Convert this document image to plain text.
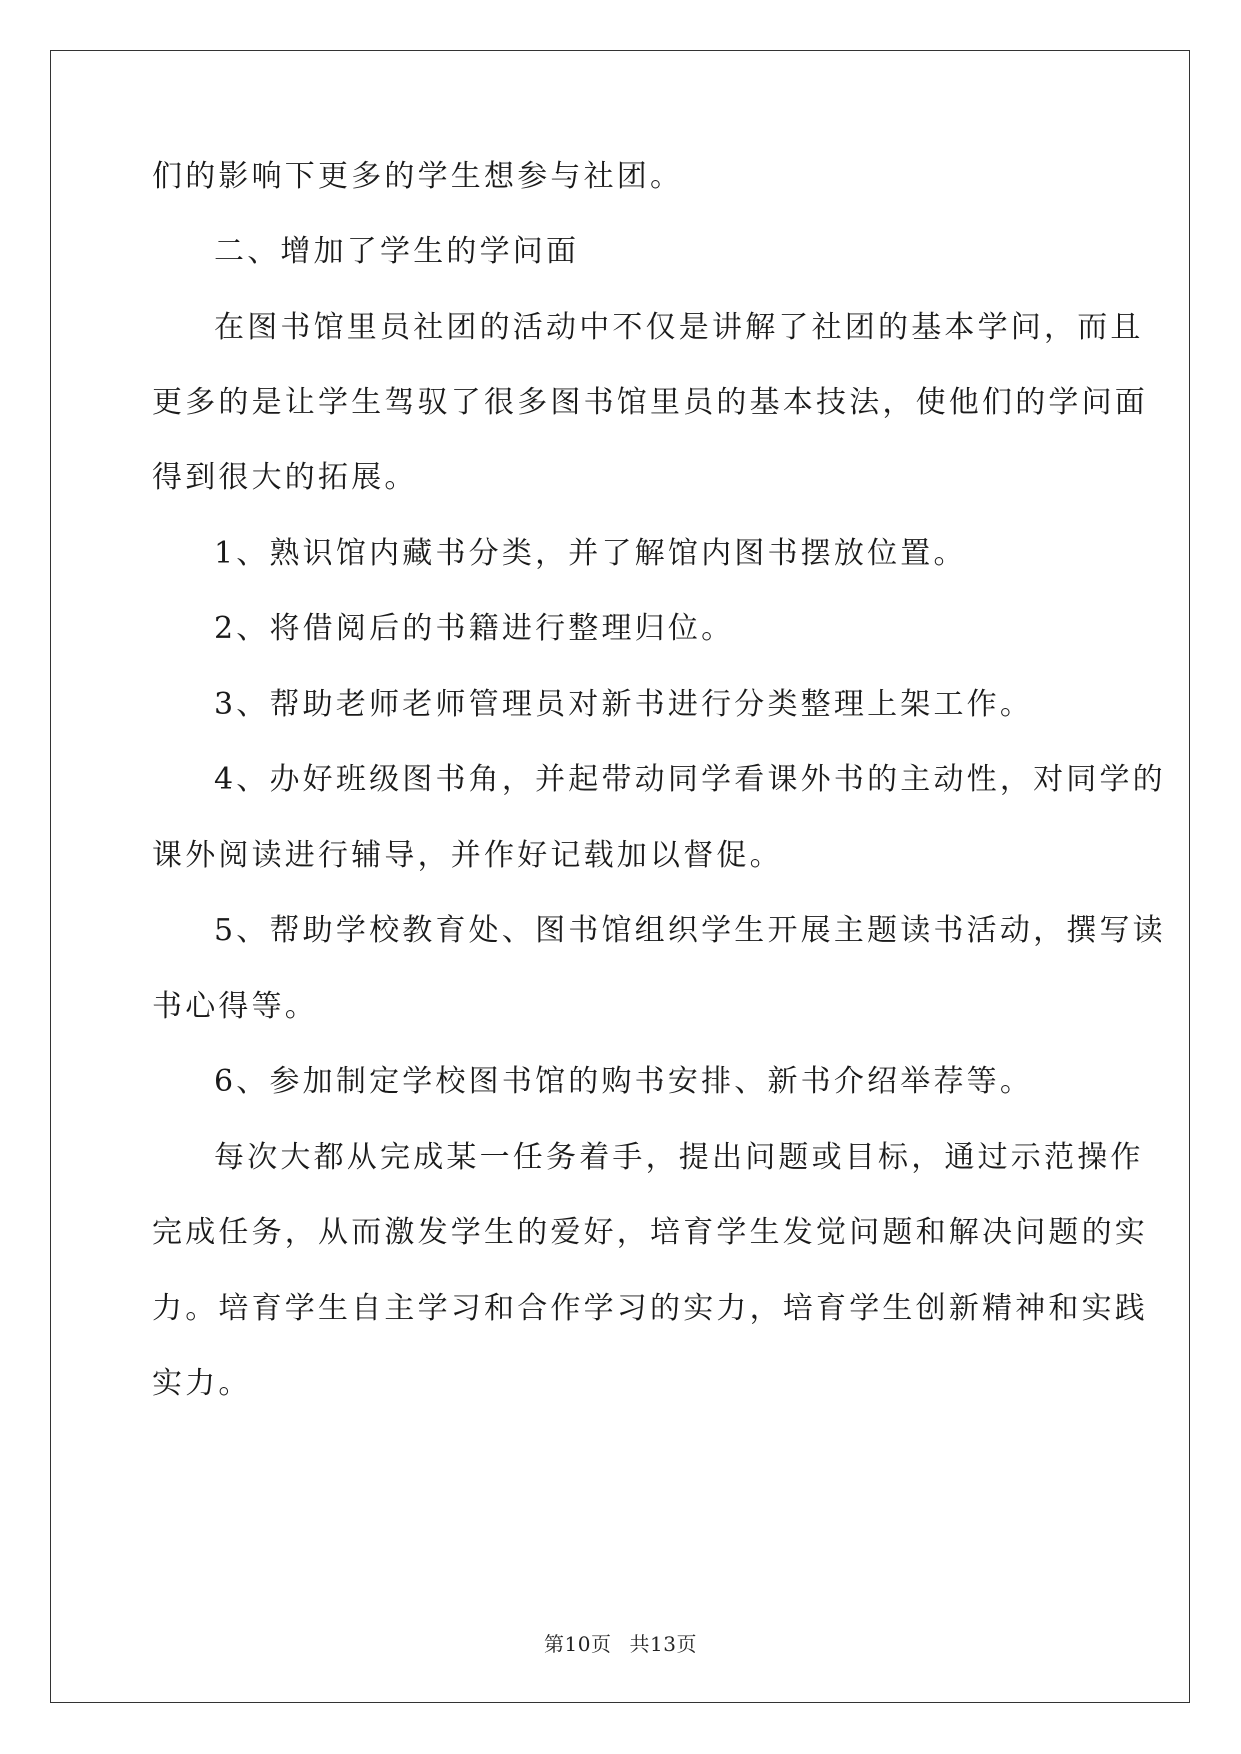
们的影响下更多的学生想参与社团。
二、增加了学生的学问面
在图书馆里员社团的活动中不仅是讲解了社团的基本学问，而且
更多的是让学生驾驭了很多图书馆里员的基本技法，使他们的学问面
得到很大的拓展。
1、熟识馆内藏书分类，并了解馆内图书摆放位置。
2、将借阅后的书籍进行整理归位。
3、帮助老师老师管理员对新书进行分类整理上架工作。
4、办好班级图书角，并起带动同学看课外书的主动性，对同学的
课外阅读进行辅导，并作好记载加以督促。
5、帮助学校教育处、图书馆组织学生开展主题读书活动，撰写读
书心得等。
6、参加制定学校图书馆的购书安排、新书介绍举荐等。
每次大都从完成某一任务着手，提出问题或目标，通过示范操作
完成任务，从而激发学生的爱好，培育学生发觉问题和解决问题的实
力。培育学生自主学习和合作学习的实力，培育学生创新精神和实践
实力。
第10页 共13页
